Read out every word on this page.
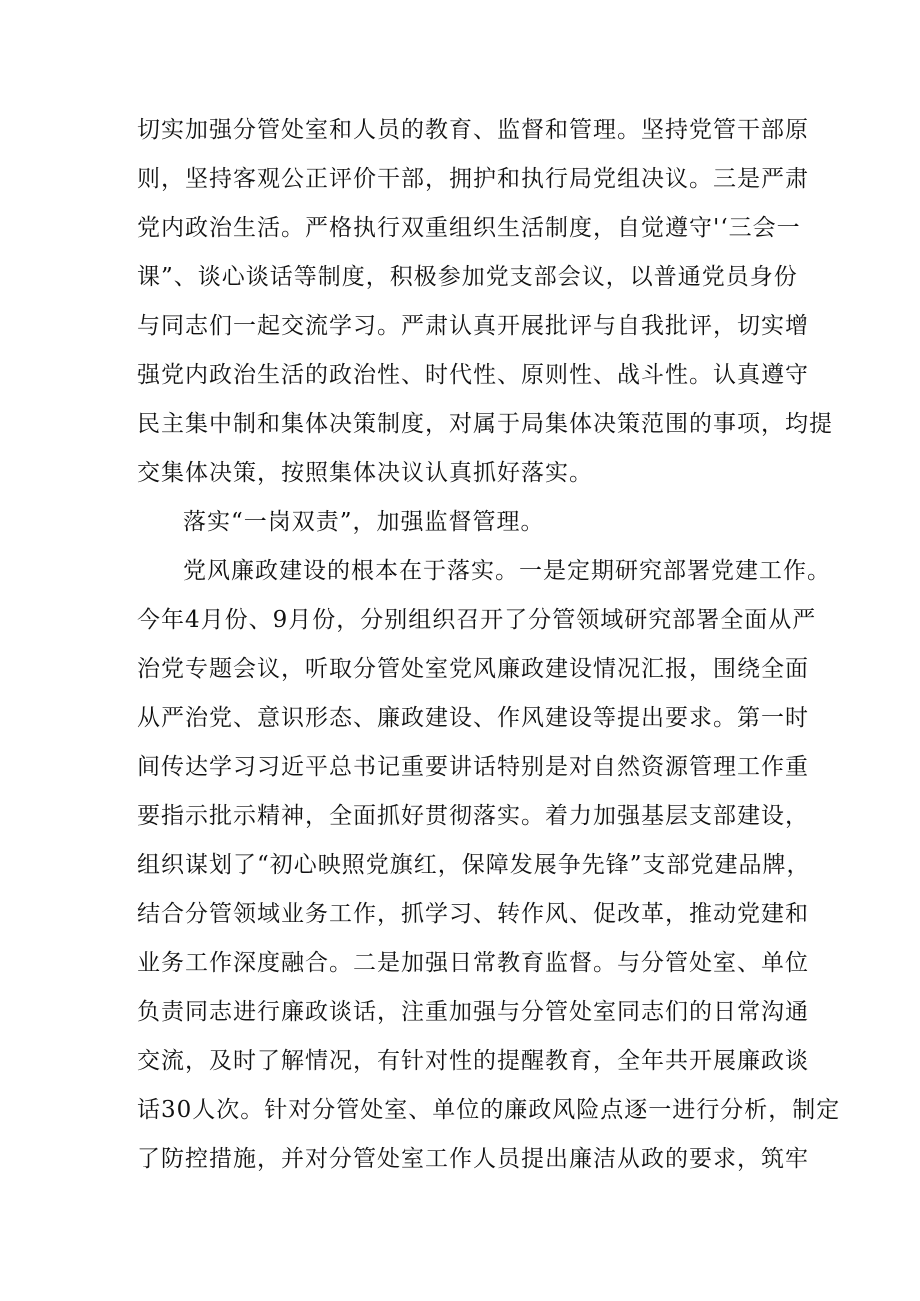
切实加强分管处室和人员的教育、监督和管理。坚持党管干部原
则，坚持客观公正评价干部，拥护和执行局党组决议。三是严肃
党内政治生活。严格执行双重组织生活制度，自觉遵守'‘三会一
课”、谈心谈话等制度，积极参加党支部会议，以普通党员身份
与同志们一起交流学习。严肃认真开展批评与自我批评，切实增
强党内政治生活的政治性、时代性、原则性、战斗性。认真遵守
民主集中制和集体决策制度，对属于局集体决策范围的事项，均提
交集体决策，按照集体决议认真抓好落实。
落实“一岗双责”，加强监督管理。
党风廉政建设的根本在于落实。一是定期研究部署党建工作。
今年4月份、9月份，分别组织召开了分管领域研究部署全面从严
治党专题会议，听取分管处室党风廉政建设情况汇报，围绕全面
从严治党、意识形态、廉政建设、作风建设等提出要求。第一时
间传达学习习近平总书记重要讲话特别是对自然资源管理工作重
要指示批示精神，全面抓好贯彻落实。着力加强基层支部建设，
组织谋划了“初心映照党旗红，保障发展争先锋”支部党建品牌，
结合分管领域业务工作，抓学习、转作风、促改革，推动党建和
业务工作深度融合。二是加强日常教育监督。与分管处室、单位
负责同志进行廉政谈话，注重加强与分管处室同志们的日常沟通
交流，及时了解情况，有针对性的提醒教育，全年共开展廉政谈
话30人次。针对分管处室、单位的廉政风险点逐一进行分析，制定
了防控措施，并对分管处室工作人员提出廉洁从政的要求，筑牢
